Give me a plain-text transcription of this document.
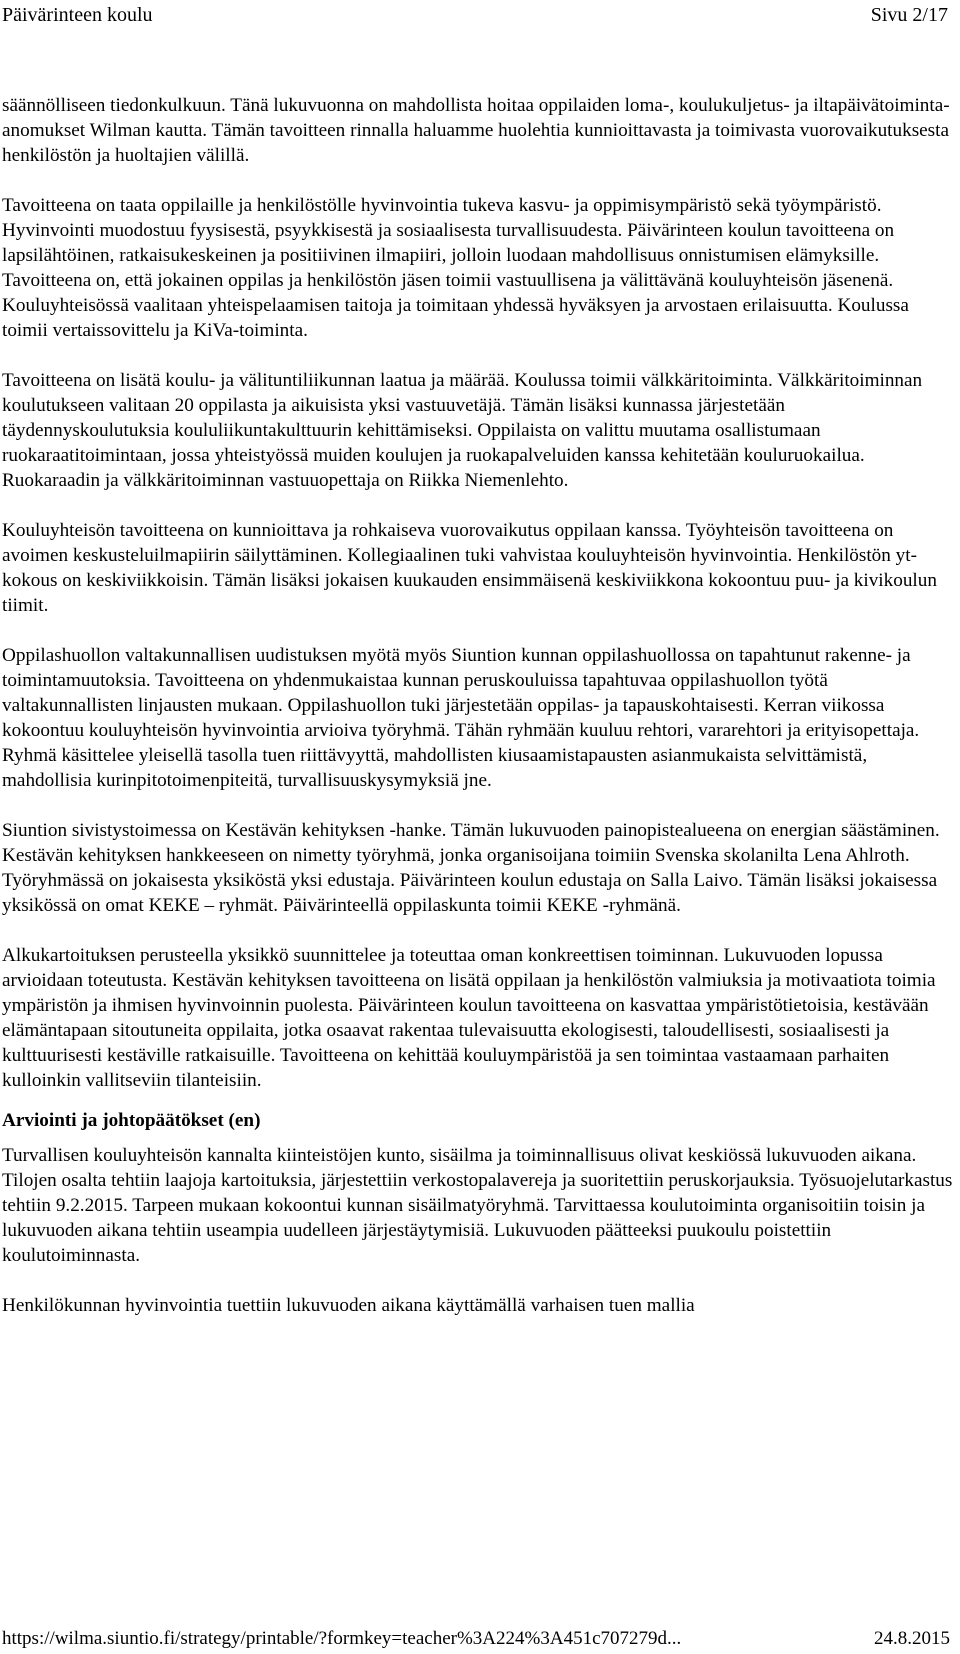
Päivärinteen koulu	Sivu 2/17

säännölliseen tiedonkulkuun. Tänä lukuvuonna on mahdollista hoitaa oppilaiden loma-, koulukuljetus- ja iltapäivätoiminta-anomukset Wilman kautta. Tämän tavoitteen rinnalla haluamme huolehtia kunnioittavasta ja toimivasta vuorovaikutuksesta henkilöstön ja huoltajien välillä.

Tavoitteena on taata oppilaille ja henkilöstölle hyvinvointia tukeva kasvu- ja oppimisympäristö sekä työympäristö. Hyvinvointi muodostuu fyysisestä, psyykkisestä ja sosiaalisesta turvallisuudesta. Päivärinteen koulun tavoitteena on lapsilähtöinen, ratkaisukeskeinen ja positiivinen ilmapiiri, jolloin luodaan mahdollisuus onnistumisen elämyksille. Tavoitteena on, että jokainen oppilas ja henkilöstön jäsen toimii vastuullisena ja välittävänä kouluyhteisön jäsenenä. Kouluyhteisössä vaalitaan yhteispelaamisen taitoja ja toimitaan yhdessä hyväksyen ja arvostaen erilaisuutta. Koulussa toimii vertaissovittelu ja KiVa-toiminta.

Tavoitteena on lisätä koulu- ja välituntiliikunnan laatua ja määrää. Koulussa toimii välkkäritoiminta. Välkkäritoiminnan koulutukseen valitaan 20 oppilasta ja aikuisista yksi vastuuvetäjä. Tämän lisäksi kunnassa järjestetään täydennyskoulutuksia koululiikuntakulttuurin kehittämiseksi. Oppilaista on valittu muutama osallistumaan ruokaraatitoimintaan, jossa yhteistyössä muiden koulujen ja ruokapalveluiden kanssa kehitetään kouluruokailua. Ruokaraadin ja välkkäritoiminnan vastuuopettaja on Riikka Niemenlehto.

Kouluyhteisön tavoitteena on kunnioittava ja rohkaiseva vuorovaikutus oppilaan kanssa. Työyhteisön tavoitteena on avoimen keskusteluilmapiirin säilyttäminen. Kollegiaalinen tuki vahvistaa kouluyhteisön hyvinvointia. Henkilöstön yt-kokous on keskiviikkoisin. Tämän lisäksi jokaisen kuukauden ensimmäisenä keskiviikkona kokoontuu puu- ja kivikoulun tiimit.

Oppilashuollon valtakunnallisen uudistuksen myötä myös Siuntion kunnan oppilashuollossa on tapahtunut rakenne- ja toimintamuutoksia. Tavoitteena on yhdenmukaistaa kunnan peruskouluissa tapahtuvaa oppilashuollon työtä valtakunnallisten linjausten mukaan. Oppilashuollon tuki järjestetään oppilas- ja tapauskohtaisesti. Kerran viikossa kokoontuu kouluyhteisön hyvinvointia arvioiva työryhmä. Tähän ryhmään kuuluu rehtori, vararehtori ja erityisopettaja. Ryhmä käsittelee yleisellä tasolla tuen riittävyyttä, mahdollisten kiusaamistapausten asianmukaista selvittämistä, mahdollisia kurinpitotoimenpiteitä, turvallisuuskysymyksiä jne.

Siuntion sivistystoimessa on Kestävän kehityksen -hanke. Tämän lukuvuoden painopistealueena on energian säästäminen. Kestävän kehityksen hankkeeseen on nimetty työryhmä, jonka organisoijana toimiin Svenska skolanilta Lena Ahlroth. Työryhmässä on jokaisesta yksiköstä yksi edustaja. Päivärinteen koulun edustaja on Salla Laivo. Tämän lisäksi jokaisessa yksikössä on omat KEKE – ryhmät. Päivärinteellä oppilaskunta toimii KEKE -ryhmänä.

Alkukartoituksen perusteella yksikkö suunnittelee ja toteuttaa oman konkreettisen toiminnan. Lukuvuoden lopussa arvioidaan toteutusta. Kestävän kehityksen tavoitteena on lisätä oppilaan ja henkilöstön valmiuksia ja motivaatiota toimia ympäristön ja ihmisen hyvinvoinnin puolesta. Päivärinteen koulun tavoitteena on kasvattaa ympäristötietoisia, kestävään elämäntapaan sitoutuneita oppilaita, jotka osaavat rakentaa tulevaisuutta ekologisesti, taloudellisesti, sosiaalisesti ja kulttuurisesti kestäville ratkaisuille. Tavoitteena on kehittää kouluympäristöä ja sen toimintaa vastaamaan parhaiten kulloinkin vallitseviin tilanteisiin.

Arviointi ja johtopäätökset (en)

Turvallisen kouluyhteisön kannalta kiinteistöjen kunto, sisäilma ja toiminnallisuus olivat keskiössä lukuvuoden aikana. Tilojen osalta tehtiin laajoja kartoituksia, järjestettiin verkostopalavereja ja suoritettiin peruskorjauksia. Työsuojelutarkastus tehtiin 9.2.2015. Tarpeen mukaan kokoontui kunnan sisäilmatyöryhmä. Tarvittaessa koulutoiminta organisoitiin toisin ja lukuvuoden aikana tehtiin useampia uudelleen järjestäytymisiä. Lukuvuoden päätteeksi puukoulu poistettiin koulutoiminnasta.

Henkilökunnan hyvinvointia tuettiin lukuvuoden aikana käyttämällä varhaisen tuen mallia

https://wilma.siuntio.fi/strategy/printable/?formkey=teacher%3A224%3A451c707279d...	24.8.2015
